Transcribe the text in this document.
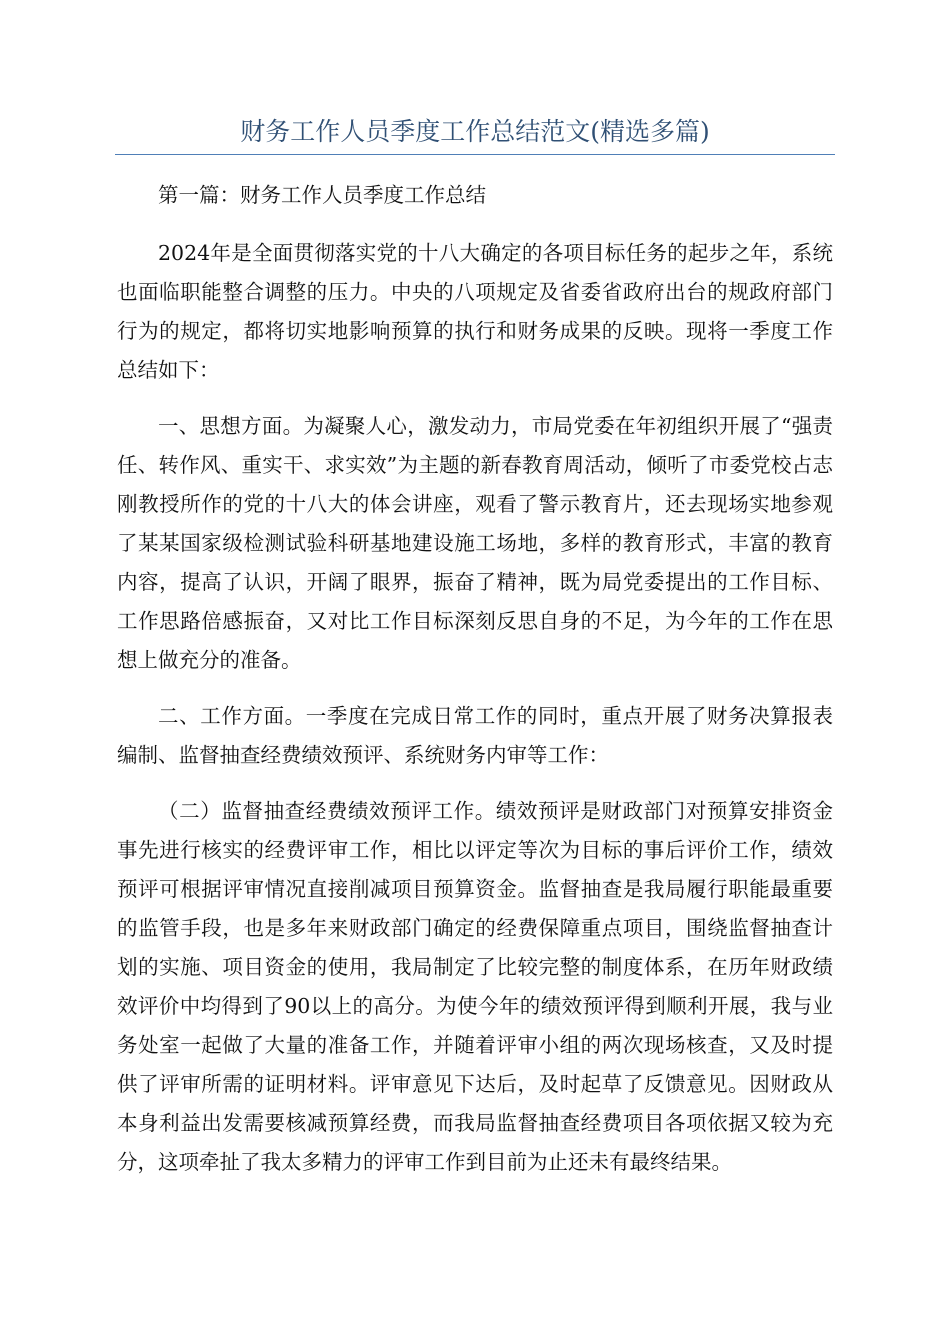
财务工作人员季度工作总结范文(精选多篇)

第一篇：财务工作人员季度工作总结

2024年是全面贯彻落实党的十八大确定的各项目标任务的起步之年，系统也面临职能整合调整的压力。中央的八项规定及省委省政府出台的规政府部门行为的规定，都将切实地影响预算的执行和财务成果的反映。现将一季度工作总结如下：

一、思想方面。为凝聚人心，激发动力，市局党委在年初组织开展了“强责任、转作风、重实干、求实效”为主题的新春教育周活动，倾听了市委党校占志刚教授所作的党的十八大的体会讲座，观看了警示教育片，还去现场实地参观了某某国家级检测试验科研基地建设施工场地，多样的教育形式，丰富的教育内容，提高了认识，开阔了眼界，振奋了精神，既为局党委提出的工作目标、工作思路倍感振奋，又对比工作目标深刻反思自身的不足，为今年的工作在思想上做充分的准备。

二、工作方面。一季度在完成日常工作的同时，重点开展了财务决算报表编制、监督抽查经费绩效预评、系统财务内审等工作：

（二）监督抽查经费绩效预评工作。绩效预评是财政部门对预算安排资金事先进行核实的经费评审工作，相比以评定等次为目标的事后评价工作，绩效预评可根据评审情况直接削减项目预算资金。监督抽查是我局履行职能最重要的监管手段，也是多年来财政部门确定的经费保障重点项目，围绕监督抽查计划的实施、项目资金的使用，我局制定了比较完整的制度体系，在历年财政绩效评价中均得到了90以上的高分。为使今年的绩效预评得到顺利开展，我与业务处室一起做了大量的准备工作，并随着评审小组的两次现场核查，又及时提供了评审所需的证明材料。评审意见下达后，及时起草了反馈意见。因财政从本身利益出发需要核减预算经费，而我局监督抽查经费项目各项依据又较为充分，这项牵扯了我太多精力的评审工作到目前为止还未有最终结果。
